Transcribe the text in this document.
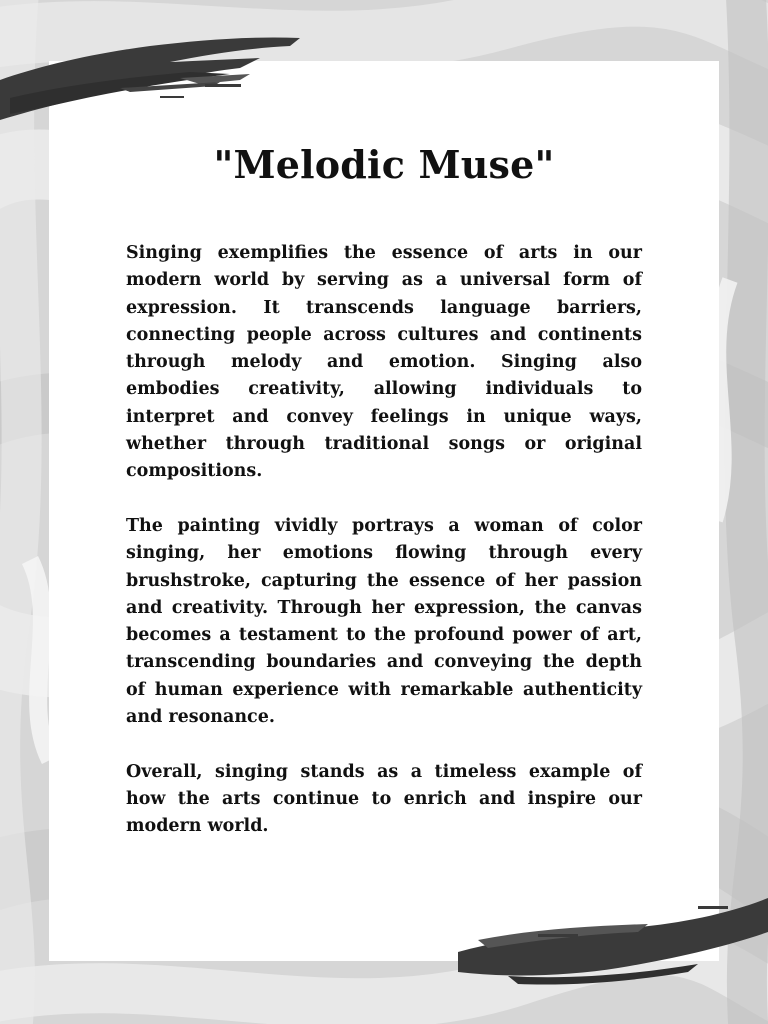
"Melodic Muse"

Singing exemplifies the essence of arts in our modern world by serving as a universal form of expression. It transcends language barriers, connecting people across cultures and continents through melody and emotion. Singing also embodies creativity, allowing individuals to interpret and convey feelings in unique ways, whether through traditional songs or original compositions.

The painting vividly portrays a woman of color singing, her emotions flowing through every brushstroke, capturing the essence of her passion and creativity. Through her expression, the canvas becomes a testament to the profound power of art, transcending boundaries and conveying the depth of human experience with remarkable authenticity and resonance.

Overall, singing stands as a timeless example of how the arts continue to enrich and inspire our modern world.
